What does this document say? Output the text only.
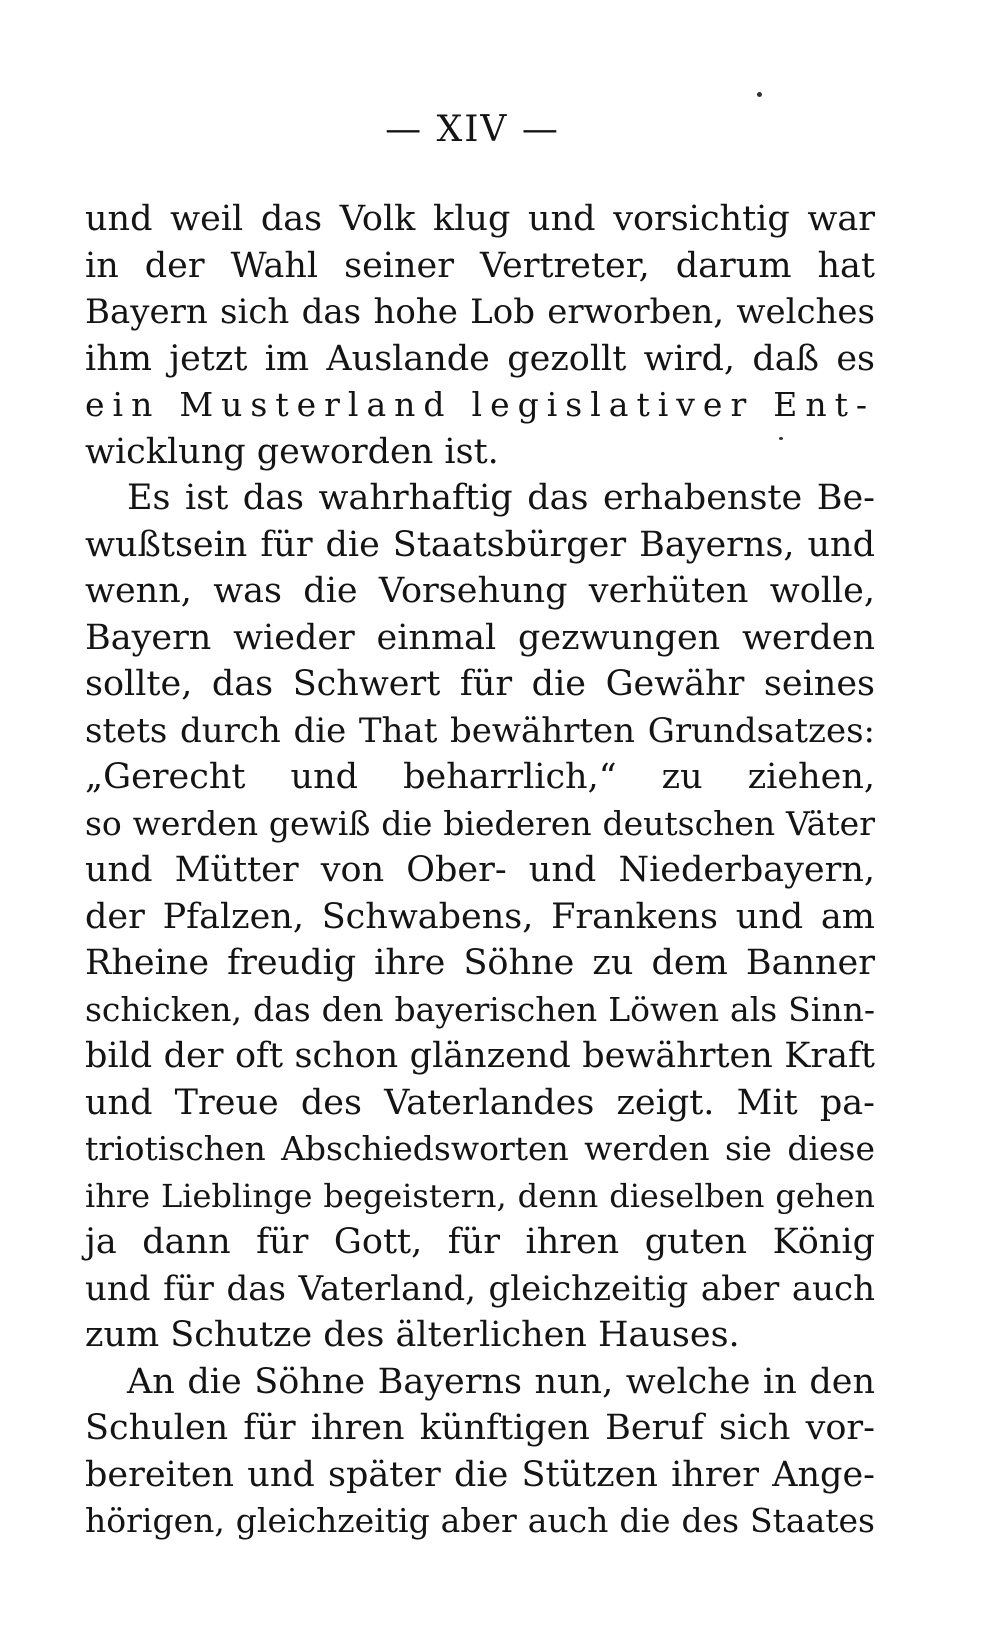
— XIV —
und weil das Volk klug und vorsichtig war
in der Wahl seiner Vertreter, darum hat
Bayern sich das hohe Lob erworben, welches
ihm jetzt im Auslande gezollt wird, daß es
ein Musterland legislativer Ent-
wicklung geworden ist.
Es ist das wahrhaftig das erhabenste Be-
wußtsein für die Staatsbürger Bayerns, und
wenn, was die Vorsehung verhüten wolle,
Bayern wieder einmal gezwungen werden
sollte, das Schwert für die Gewähr seines
stets durch die That bewährten Grundsatzes:
„Gerecht und beharrlich,“ zu ziehen,
so werden gewiß die biederen deutschen Väter
und Mütter von Ober- und Niederbayern,
der Pfalzen, Schwabens, Frankens und am
Rheine freudig ihre Söhne zu dem Banner
schicken, das den bayerischen Löwen als Sinn-
bild der oft schon glänzend bewährten Kraft
und Treue des Vaterlandes zeigt. Mit pa-
triotischen Abschiedsworten werden sie diese
ihre Lieblinge begeistern, denn dieselben gehen
ja dann für Gott, für ihren guten König
und für das Vaterland, gleichzeitig aber auch
zum Schutze des älterlichen Hauses.
An die Söhne Bayerns nun, welche in den
Schulen für ihren künftigen Beruf sich vor-
bereiten und später die Stützen ihrer Ange-
hörigen, gleichzeitig aber auch die des Staates
